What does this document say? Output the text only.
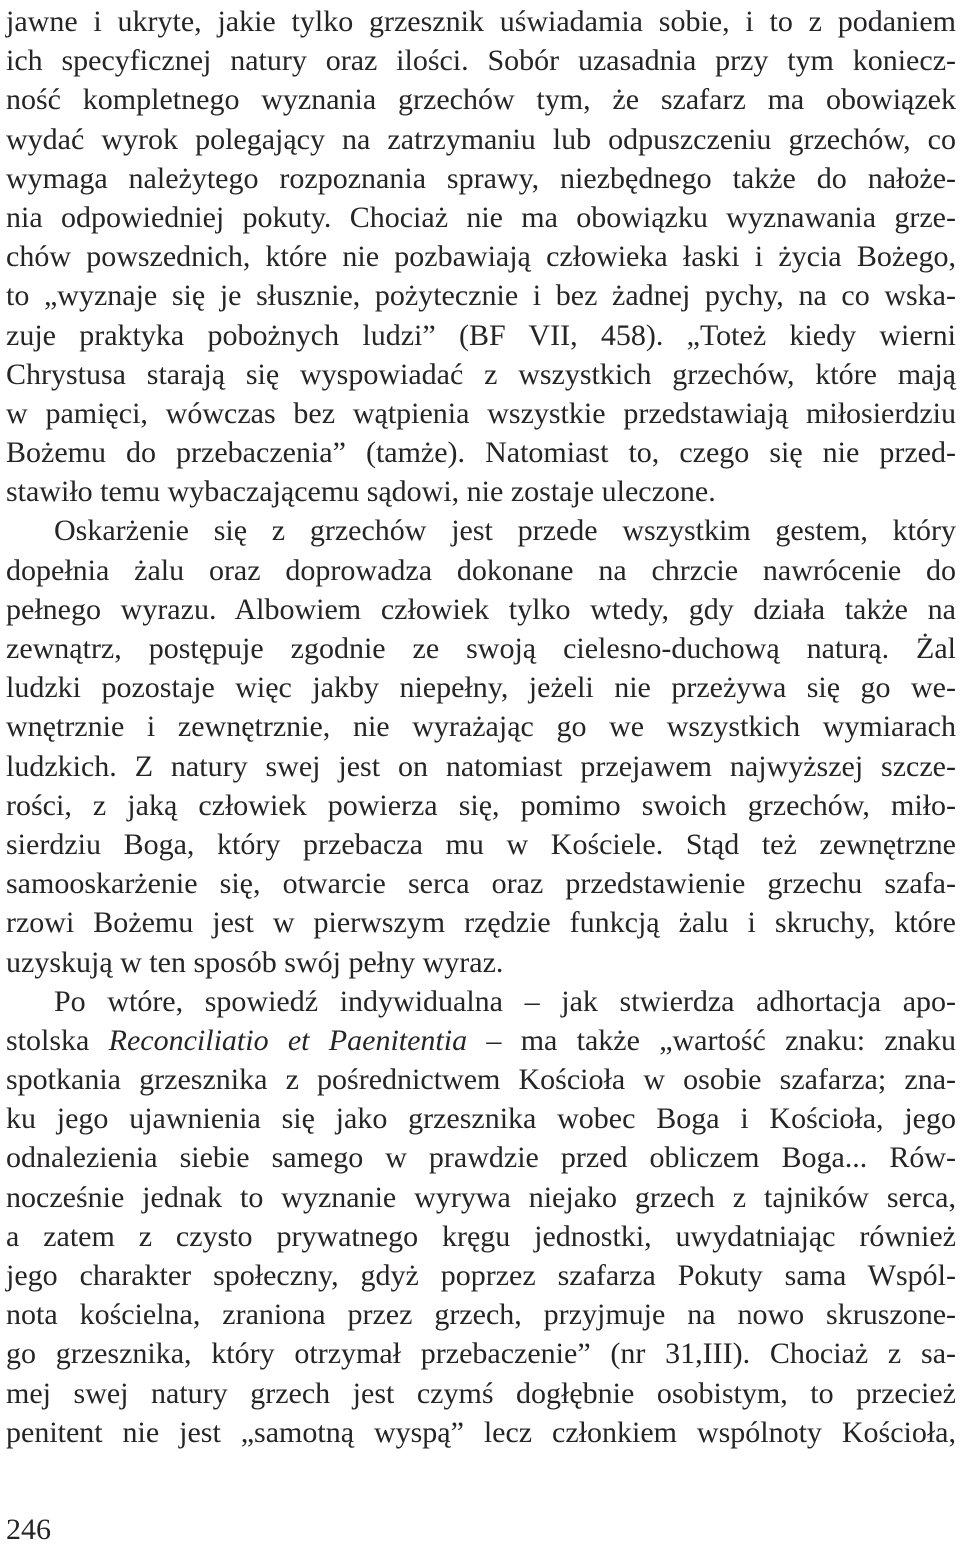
jawne i ukryte, jakie tylko grzesznik uświadamia sobie, i to z podaniem
ich specyficznej natury oraz ilości. Sobór uzasadnia przy tym koniecz-
ność kompletnego wyznania grzechów tym, że szafarz ma obowiązek
wydać wyrok polegający na zatrzymaniu lub odpuszczeniu grzechów, co
wymaga należytego rozpoznania sprawy, niezbędnego także do nałoże-
nia odpowiedniej pokuty. Chociaż nie ma obowiązku wyznawania grze-
chów powszednich, które nie pozbawiają człowieka łaski i życia Bożego,
to „wyznaje się je słusznie, pożytecznie i bez żadnej pychy, na co wska-
zuje praktyka pobożnych ludzi” (BF VII, 458). „Toteż kiedy wierni
Chrystusa starają się wyspowiadać z wszystkich grzechów, które mają
w pamięci, wówczas bez wątpienia wszystkie przedstawiają miłosierdziu
Bożemu do przebaczenia” (tamże). Natomiast to, czego się nie przed-
stawiło temu wybaczającemu sądowi, nie zostaje uleczone.
Oskarżenie się z grzechów jest przede wszystkim gestem, który
dopełnia żalu oraz doprowadza dokonane na chrzcie nawrócenie do
pełnego wyrazu. Albowiem człowiek tylko wtedy, gdy działa także na
zewnątrz, postępuje zgodnie ze swoją cielesno-duchową naturą. Żal
ludzki pozostaje więc jakby niepełny, jeżeli nie przeżywa się go we-
wnętrznie i zewnętrznie, nie wyrażając go we wszystkich wymiarach
ludzkich. Z natury swej jest on natomiast przejawem najwyższej szcze-
rości, z jaką człowiek powierza się, pomimo swoich grzechów, miło-
sierdziu Boga, który przebacza mu w Kościele. Stąd też zewnętrzne
samooskarżenie się, otwarcie serca oraz przedstawienie grzechu szafa-
rzowi Bożemu jest w pierwszym rzędzie funkcją żalu i skruchy, które
uzyskują w ten sposób swój pełny wyraz.
Po wtóre, spowiedź indywidualna – jak stwierdza adhortacja apo-
stolska Reconciliatio et Paenitentia – ma także „wartość znaku: znaku
spotkania grzesznika z pośrednictwem Kościoła w osobie szafarza; zna-
ku jego ujawnienia się jako grzesznika wobec Boga i Kościoła, jego
odnalezienia siebie samego w prawdzie przed obliczem Boga... Rów-
nocześnie jednak to wyznanie wyrywa niejako grzech z tajników serca,
a zatem z czysto prywatnego kręgu jednostki, uwydatniając również
jego charakter społeczny, gdyż poprzez szafarza Pokuty sama Wspól-
nota kościelna, zraniona przez grzech, przyjmuje na nowo skruszone-
go grzesznika, który otrzymał przebaczenie” (nr 31,III). Chociaż z sa-
mej swej natury grzech jest czymś dogłębnie osobistym, to przecież
penitent nie jest „samotną wyspą” lecz członkiem wspólnoty Kościoła,
246
